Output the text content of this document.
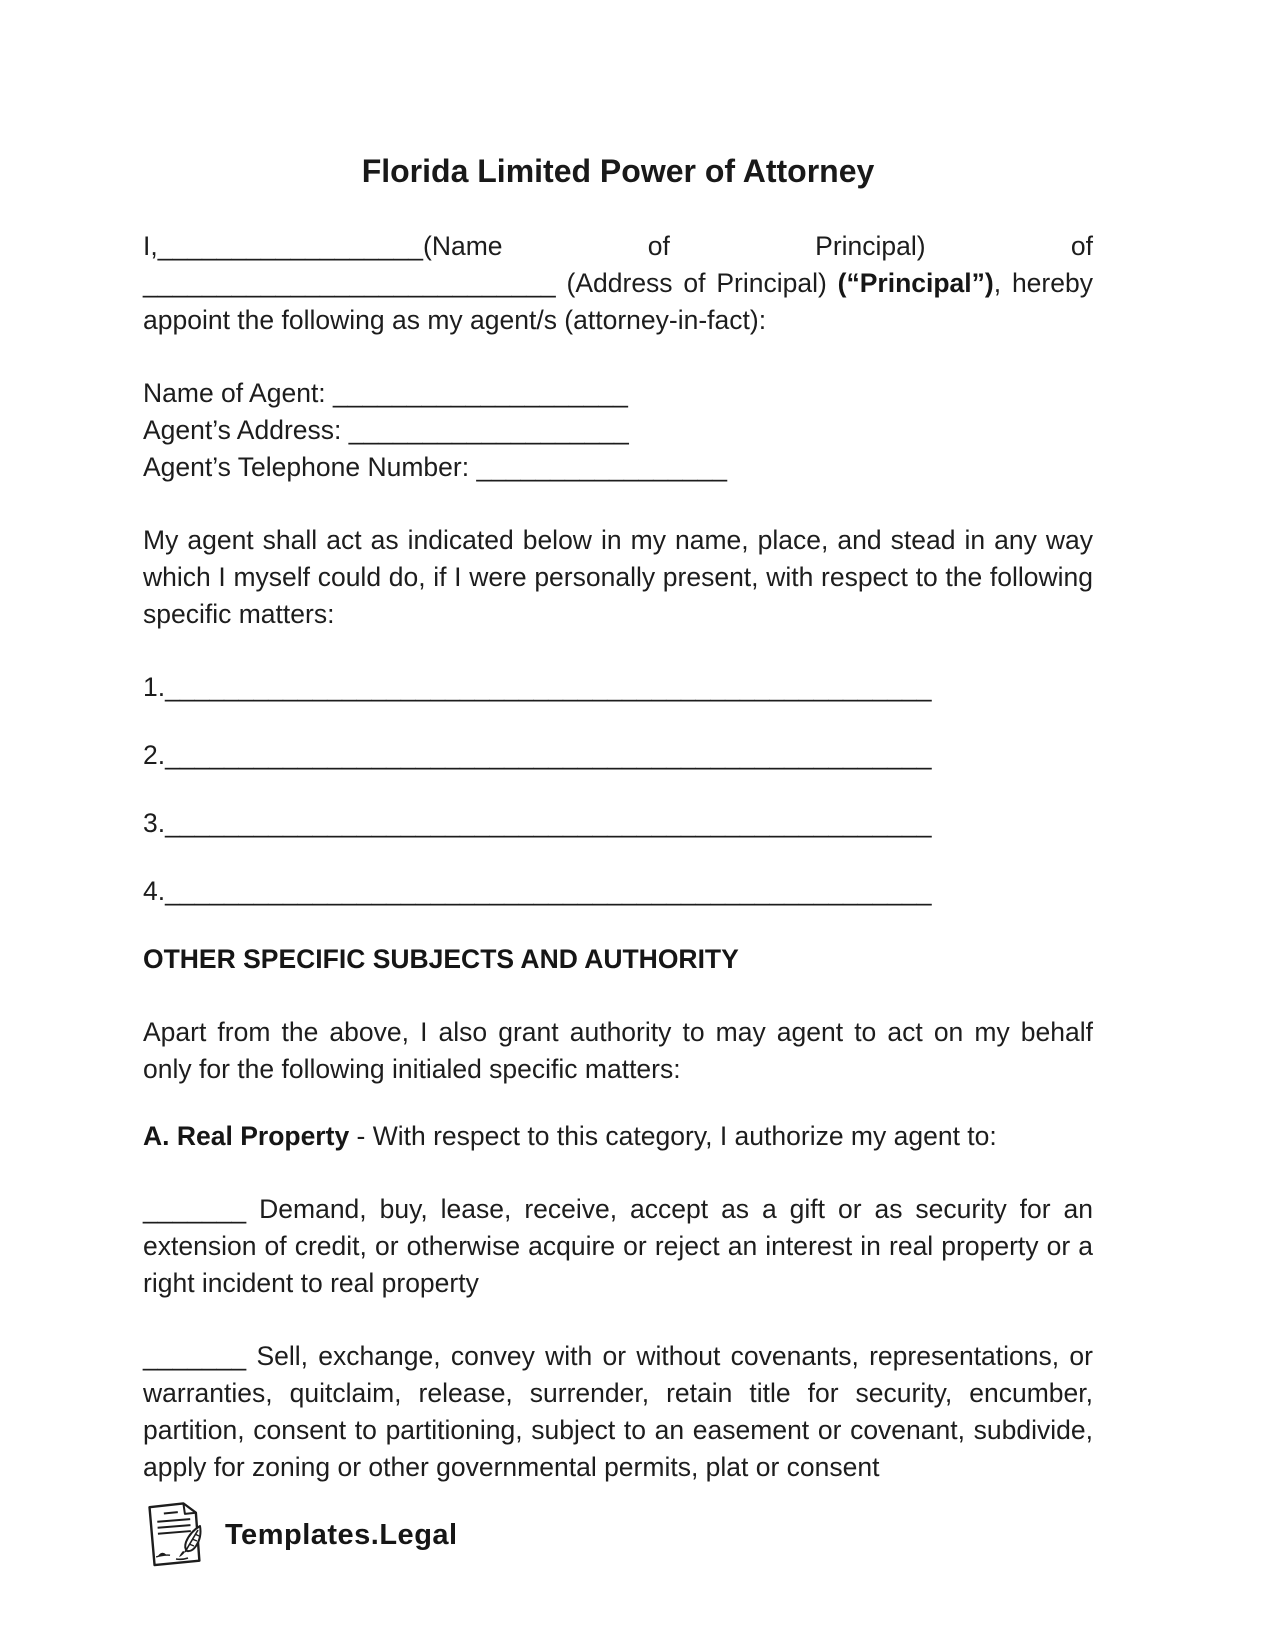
Florida Limited Power of Attorney

I,__________________(Name of Principal) of ____________________________ (Address of Principal) (“Principal”), hereby appoint the following as my agent/s (attorney-in-fact):

Name of Agent: ____________________

Agent’s Address: ___________________

Agent’s Telephone Number: _________________

My agent shall act as indicated below in my name, place, and stead in any way which I myself could do, if I were personally present, with respect to the following specific matters:

1.____________________________________________________

2.____________________________________________________

3.____________________________________________________

4.____________________________________________________

OTHER SPECIFIC SUBJECTS AND AUTHORITY

Apart from the above, I also grant authority to may agent to act on my behalf only for the following initialed specific matters:

A. Real Property - With respect to this category, I authorize my agent to:

_______ Demand, buy, lease, receive, accept as a gift or as security for an extension of credit, or otherwise acquire or reject an interest in real property or a right incident to real property

_______ Sell, exchange, convey with or without covenants, representations, or warranties, quitclaim, release, surrender, retain title for security, encumber, partition, consent to partitioning, subject to an easement or covenant, subdivide, apply for zoning or other governmental permits, plat or consent

Templates.Legal
